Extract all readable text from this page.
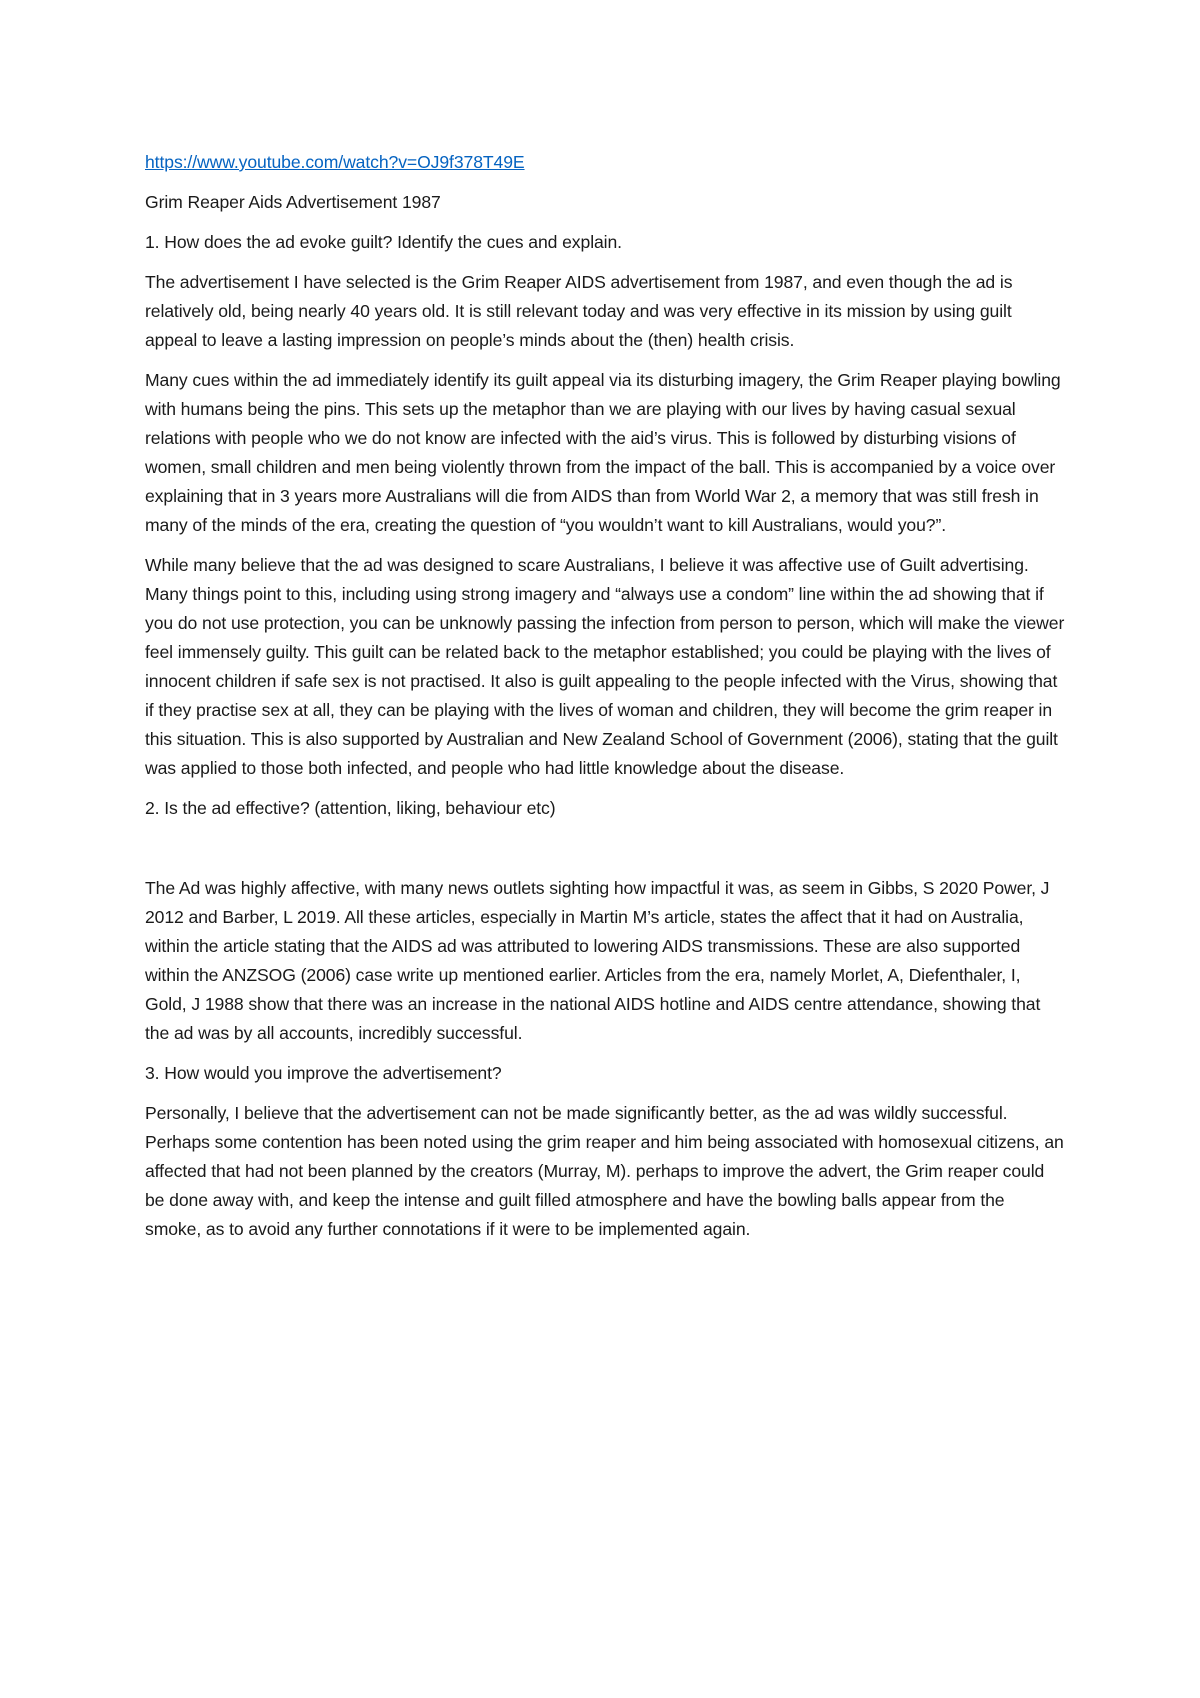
https://www.youtube.com/watch?v=OJ9f378T49E

Grim Reaper Aids Advertisement 1987

1. How does the ad evoke guilt? Identify the cues and explain.

The advertisement I have selected is the Grim Reaper AIDS advertisement from 1987, and even though the ad is relatively old, being nearly 40 years old. It is still relevant today and was very effective in its mission by using guilt appeal to leave a lasting impression on people’s minds about the (then) health crisis.

Many cues within the ad immediately identify its guilt appeal via its disturbing imagery, the Grim Reaper playing bowling with humans being the pins. This sets up the metaphor than we are playing with our lives by having casual sexual relations with people who we do not know are infected with the aid’s virus. This is followed by disturbing visions of women, small children and men being violently thrown from the impact of the ball. This is accompanied by a voice over explaining that in 3 years more Australians will die from AIDS than from World War 2, a memory that was still fresh in many of the minds of the era, creating the question of “you wouldn’t want to kill Australians, would you?”.

While many believe that the ad was designed to scare Australians, I believe it was affective use of Guilt advertising. Many things point to this, including using strong imagery and “always use a condom” line within the ad showing that if you do not use protection, you can be unknowly passing the infection from person to person, which will make the viewer feel immensely guilty. This guilt can be related back to the metaphor established; you could be playing with the lives of innocent children if safe sex is not practised. It also is guilt appealing to the people infected with the Virus, showing that if they practise sex at all, they can be playing with the lives of woman and children, they will become the grim reaper in this situation. This is also supported by Australian and New Zealand School of Government (2006), stating that the guilt was applied to those both infected, and people who had little knowledge about the disease.

2. Is the ad effective? (attention, liking, behaviour etc)

The Ad was highly affective, with many news outlets sighting how impactful it was, as seem in Gibbs, S 2020 Power, J 2012 and Barber, L 2019. All these articles, especially in Martin M’s article, states the affect that it had on Australia, within the article stating that the AIDS ad was attributed to lowering AIDS transmissions. These are also supported within the ANZSOG (2006) case write up mentioned earlier. Articles from the era, namely Morlet, A, Diefenthaler, I, Gold, J 1988 show that there was an increase in the national AIDS hotline and AIDS centre attendance, showing that the ad was by all accounts, incredibly successful.

3. How would you improve the advertisement?

Personally, I believe that the advertisement can not be made significantly better, as the ad was wildly successful. Perhaps some contention has been noted using the grim reaper and him being associated with homosexual citizens, an affected that had not been planned by the creators (Murray, M). perhaps to improve the advert, the Grim reaper could be done away with, and keep the intense and guilt filled atmosphere and have the bowling balls appear from the smoke, as to avoid any further connotations if it were to be implemented again.
